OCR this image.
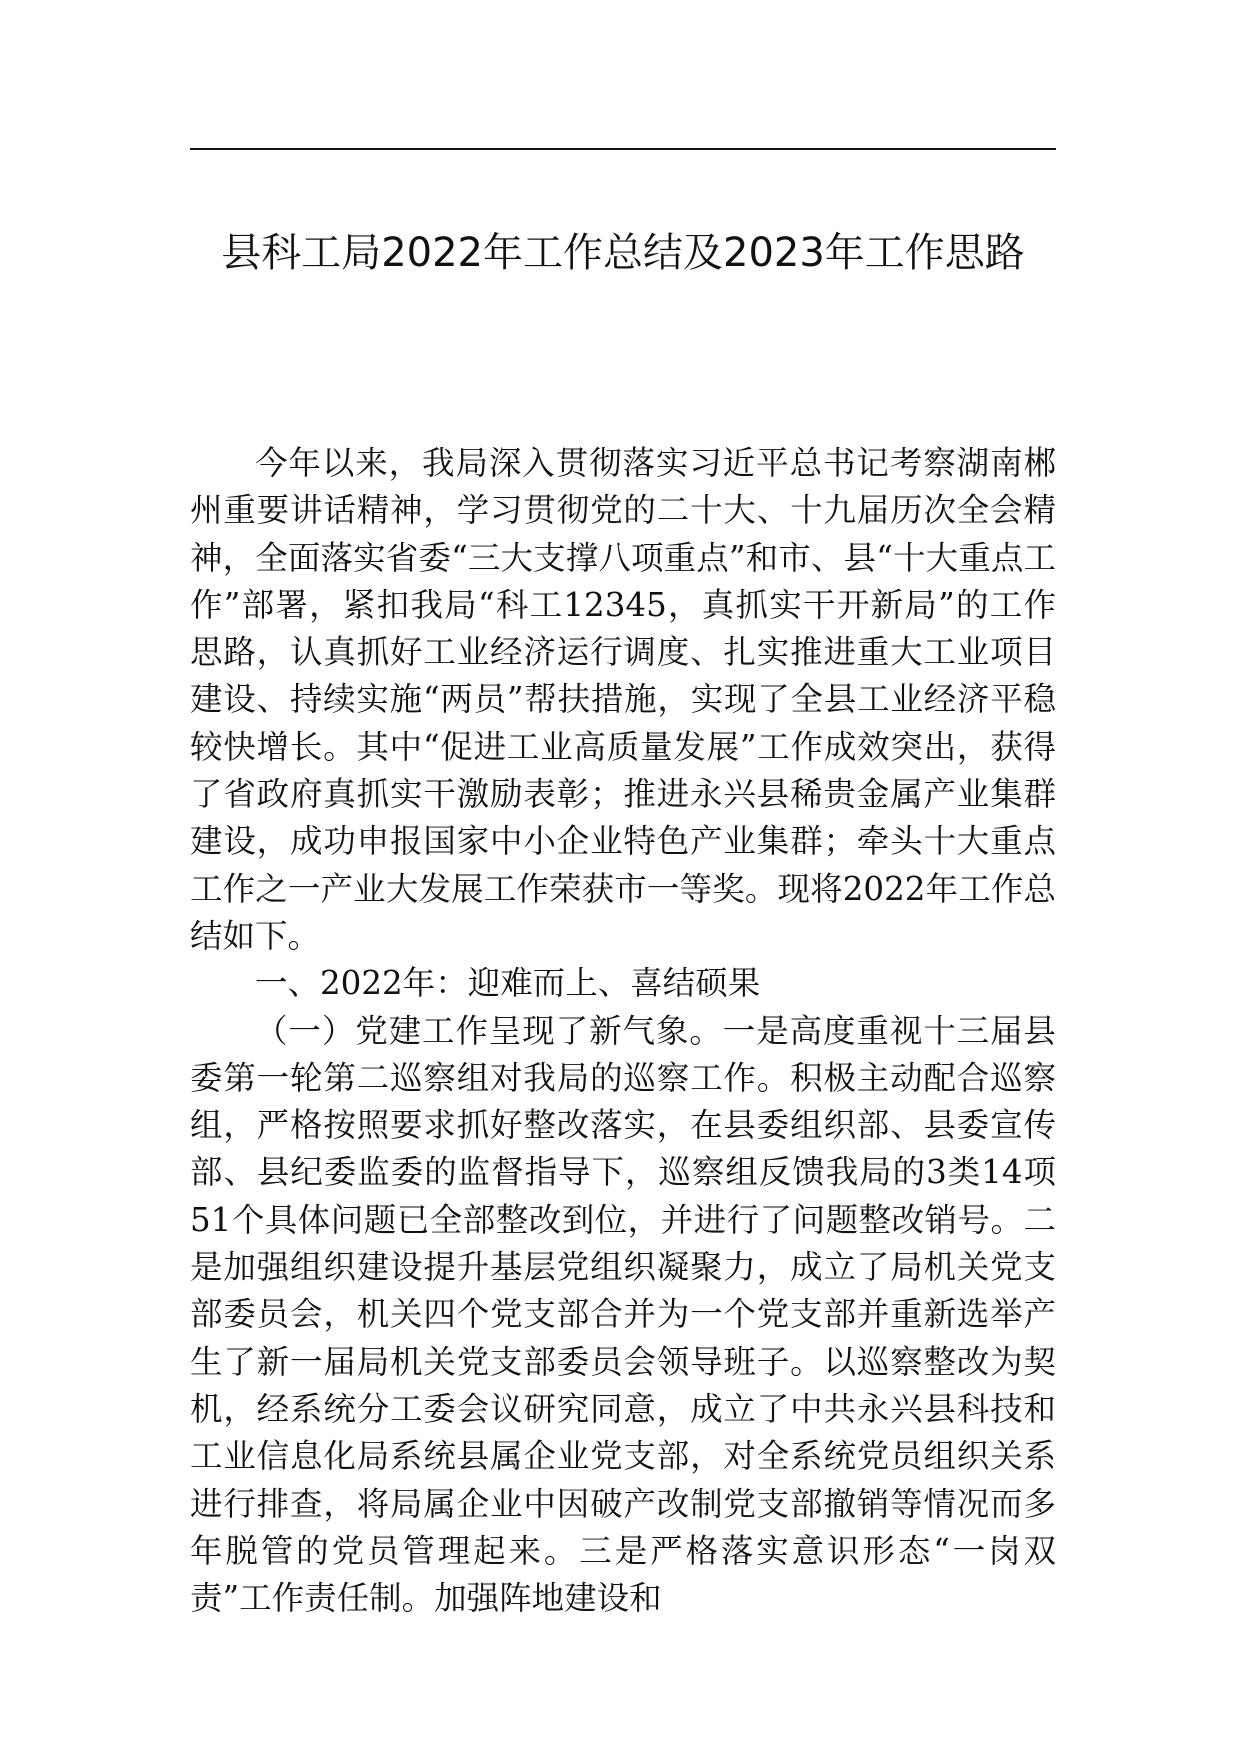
县科工局2022年工作总结及2023年工作思路

今年以来，我局深入贯彻落实习近平总书记考察湖南郴州重要讲话精神，学习贯彻党的二十大、十九届历次全会精神，全面落实省委“三大支撑八项重点”和市、县“十大重点工作”部署，紧扣我局“科工12345，真抓实干开新局”的工作思路，认真抓好工业经济运行调度、扎实推进重大工业项目建设、持续实施“两员”帮扶措施，实现了全县工业经济平稳较快增长。其中“促进工业高质量发展”工作成效突出，获得了省政府真抓实干激励表彰；推进永兴县稀贵金属产业集群建设，成功申报国家中小企业特色产业集群；牵头十大重点工作之一产业大发展工作荣获市一等奖。现将2022年工作总结如下。

一、2022年：迎难而上、喜结硕果

（一）党建工作呈现了新气象。一是高度重视十三届县委第一轮第二巡察组对我局的巡察工作。积极主动配合巡察组，严格按照要求抓好整改落实，在县委组织部、县委宣传部、县纪委监委的监督指导下，巡察组反馈我局的3类14项51个具体问题已全部整改到位，并进行了问题整改销号。二是加强组织建设提升基层党组织凝聚力，成立了局机关党支部委员会，机关四个党支部合并为一个党支部并重新选举产生了新一届局机关党支部委员会领导班子。以巡察整改为契机，经系统分工委会议研究同意，成立了中共永兴县科技和工业信息化局系统县属企业党支部，对全系统党员组织关系进行排查，将局属企业中因破产改制党支部撤销等情况而多年脱管的党员管理起来。三是严格落实意识形态“一岗双责”工作责任制。加强阵地建设和
